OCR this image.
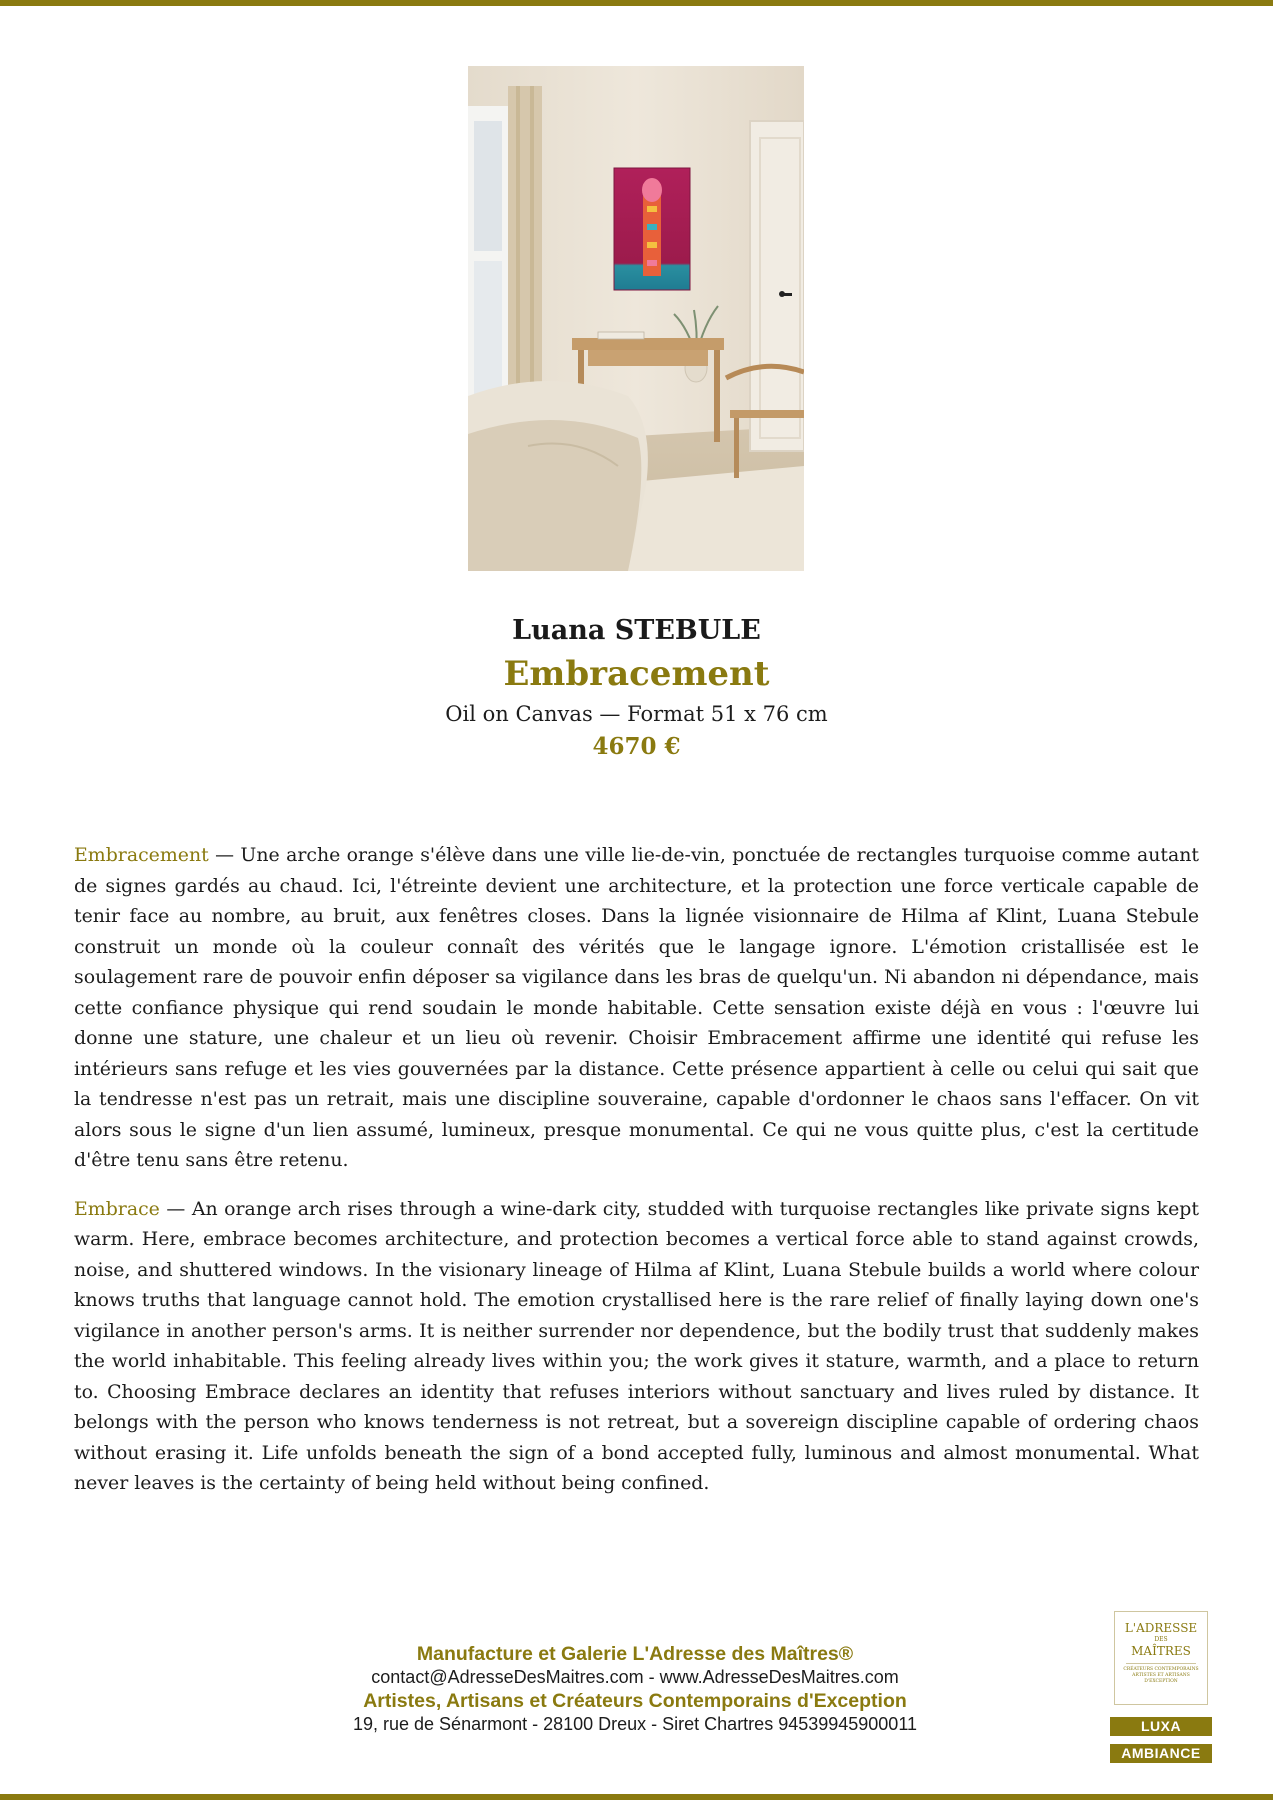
Luana STEBULE
Embracement
Oil on Canvas — Format 51 x 76 cm
4670 €

Embracement — Une arche orange s'élève dans une ville lie-de-vin, ponctuée de rectangles turquoise comme autant de signes gardés au chaud. Ici, l'étreinte devient une architecture, et la protection une force verticale capable de tenir face au nombre, au bruit, aux fenêtres closes. Dans la lignée visionnaire de Hilma af Klint, Luana Stebule construit un monde où la couleur connaît des vérités que le langage ignore. L'émotion cristallisée est le soulagement rare de pouvoir enfin déposer sa vigilance dans les bras de quelqu'un. Ni abandon ni dépendance, mais cette confiance physique qui rend soudain le monde habitable. Cette sensation existe déjà en vous : l'œuvre lui donne une stature, une chaleur et un lieu où revenir. Choisir Embracement affirme une identité qui refuse les intérieurs sans refuge et les vies gouvernées par la distance. Cette présence appartient à celle ou celui qui sait que la tendresse n'est pas un retrait, mais une discipline souveraine, capable d'ordonner le chaos sans l'effacer. On vit alors sous le signe d'un lien assumé, lumineux, presque monumental. Ce qui ne vous quitte plus, c'est la certitude d'être tenu sans être retenu.

Embrace — An orange arch rises through a wine-dark city, studded with turquoise rectangles like private signs kept warm. Here, embrace becomes architecture, and protection becomes a vertical force able to stand against crowds, noise, and shuttered windows. In the visionary lineage of Hilma af Klint, Luana Stebule builds a world where colour knows truths that language cannot hold. The emotion crystallised here is the rare relief of finally laying down one's vigilance in another person's arms. It is neither surrender nor dependence, but the bodily trust that suddenly makes the world inhabitable. This feeling already lives within you; the work gives it stature, warmth, and a place to return to. Choosing Embrace declares an identity that refuses interiors without sanctuary and lives ruled by distance. It belongs with the person who knows tenderness is not retreat, but a sovereign discipline capable of ordering chaos without erasing it. Life unfolds beneath the sign of a bond accepted fully, luminous and almost monumental. What never leaves is the certainty of being held without being confined.

Manufacture et Galerie L'Adresse des Maîtres®
contact@AdresseDesMaitres.com - www.AdresseDesMaitres.com
Artistes, Artisans et Créateurs Contemporains d'Exception
19, rue de Sénarmont - 28100 Dreux - Siret Chartres 94539945900011
L'ADRESSE
DES
MAÎTRES
CRÉATEURS CONTEMPORAINS ARTISTES ET ARTISANS D'EXCEPTION
LUXA
AMBIANCE
